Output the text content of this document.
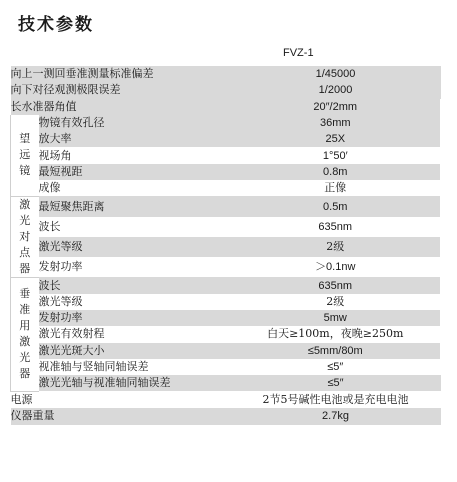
技术参数
FVZ-1
向上一测回垂准测量标准偏差		1/45000
向下对径观测极限误差		1/2000
长水准器角值		20″/2mm
望远镜	物镜有效孔径	36mm
	放大率	25X
	视场角	1°50′
	最短视距	0.8m
	成像	正像
激光对点器	最短聚焦距离	0.5m
	波长	635nm
	激光等级	2级
	发射功率	＞0.1nw
垂准用激光器	波长	635nm
	激光等级	2级
	发射功率	5mw
	激光有效射程	白天≥100m，夜晚≥250m
	激光光斑大小	≤5mm/80m
	视准轴与竖轴同轴误差	≤5″
	激光光轴与视准轴同轴误差	≤5″
电源		2节5号碱性电池或是充电电池
仪器重量		2.7kg
